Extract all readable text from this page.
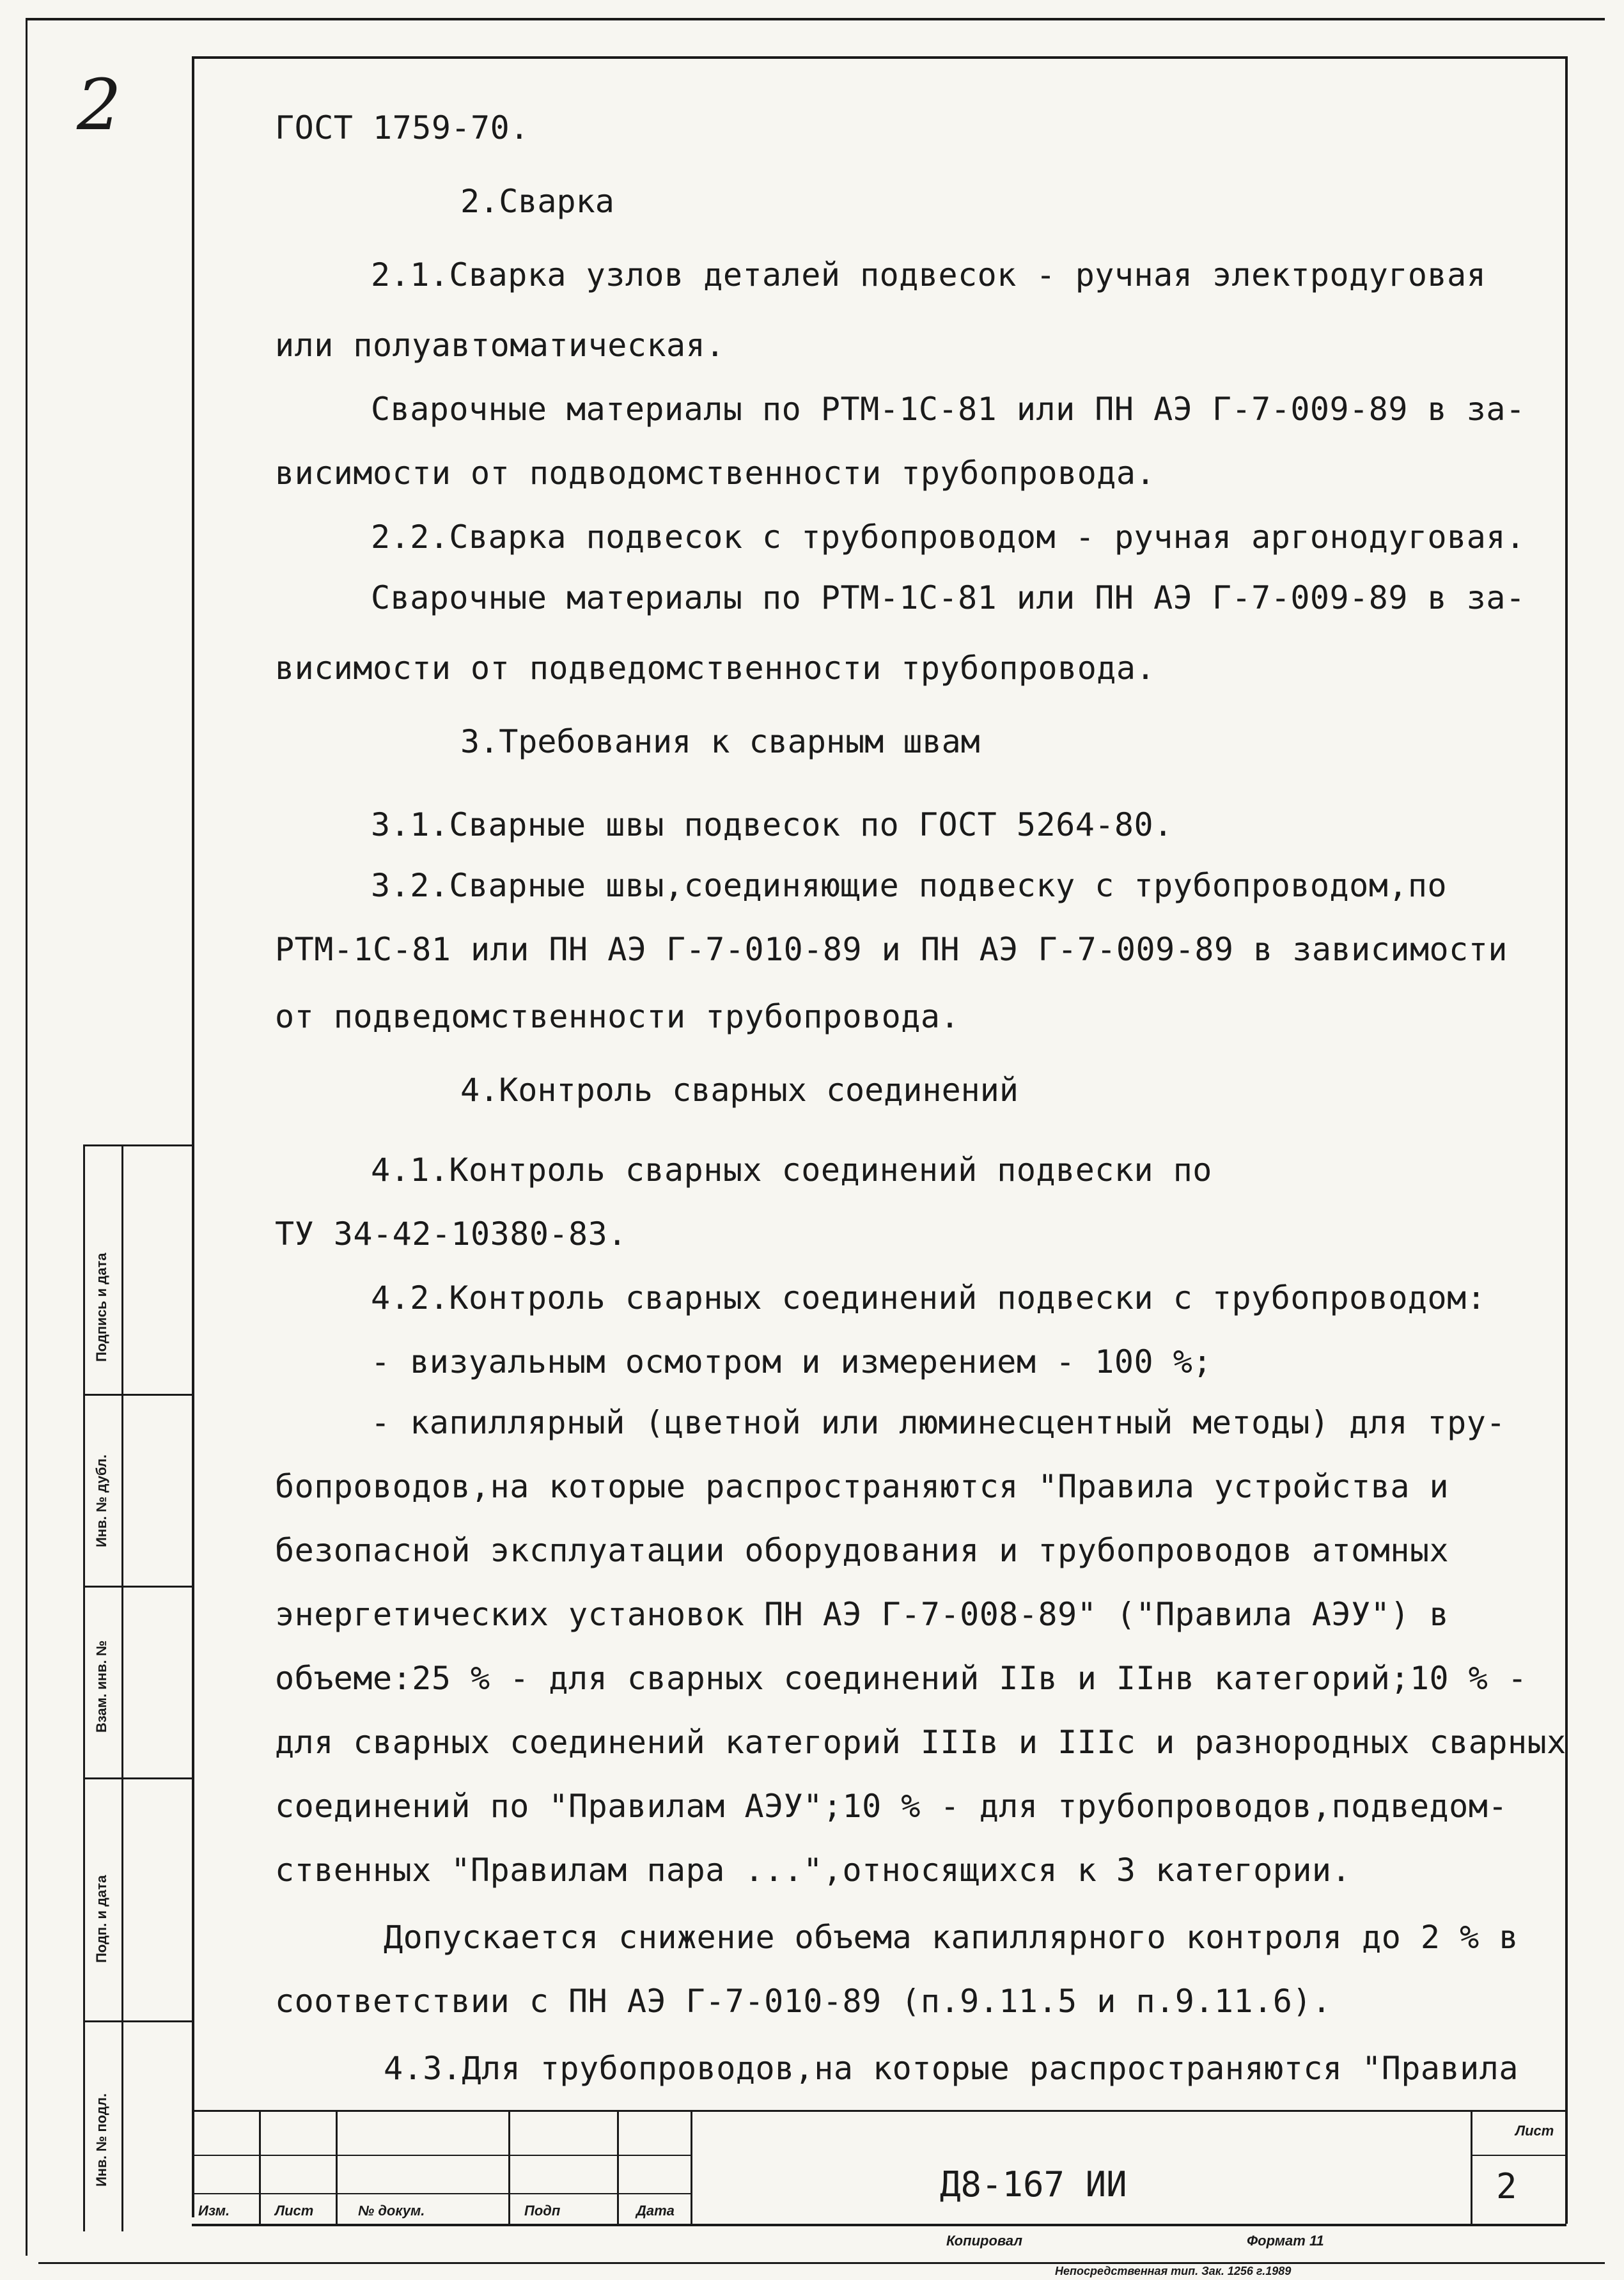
2	ГОСТ 1759-70.
2.Сварка
2.1.Сварка узлов деталей подвесок - ручная электродуговая
или полуавтоматическая.
Сварочные материалы по РТМ-1С-81 или ПН АЭ Г-7-009-89 в за-
висимости от подводомственности трубопровода.
2.2.Сварка подвесок с трубопроводом - ручная аргонодуговая.
Сварочные материалы по РТМ-1С-81 или ПН АЭ Г-7-009-89 в за-
висимости от подведомственности трубопровода.
3.Требования к сварным швам
3.1.Сварные швы подвесок по ГОСТ 5264-80.
3.2.Сварные швы,соединяющие подвеску с трубопроводом,по
РТМ-1С-81 или ПН АЭ Г-7-010-89 и ПН АЭ Г-7-009-89 в зависимости
от подведомственности трубопровода.
4.Контроль сварных соединений
4.1.Контроль сварных соединений подвески по
ТУ 34-42-10380-83.
4.2.Контроль сварных соединений подвески с трубопроводом:
- визуальным осмотром и измерением - 100 %;
- капиллярный (цветной или люминесцентный методы) для тру-
бопроводов,на которые распространяются "Правила устройства и
безопасной эксплуатации оборудования и трубопроводов атомных
энергетических установок ПН АЭ Г-7-008-89" ("Правила АЭУ") в
объеме:25 % - для сварных соединений IIв и IIнв категорий;10 % -
для сварных соединений категорий IIIв и IIIс и разнородных сварных
соединений по "Правилам АЭУ";10 % - для трубопроводов,подведом-
ственных "Правилам пара ...",относящихся к 3 категории.
Допускается снижение объема капиллярного контроля до 2 % в
соответствии с ПН АЭ Г-7-010-89 (п.9.11.5 и п.9.11.6).
4.3.Для трубопроводов,на которые распространяются "Правила
Подпись и дата
Инв. № дубл.
Взам. инв. №
Подп. и дата
Инв. № подл.
Изм.	Лист	№ докум.	Подп	Дата
Д8-167 ИИ
Лист
2
Копировал	Формат 11
Непосредственная тип. Зак. 1256 г.1989
